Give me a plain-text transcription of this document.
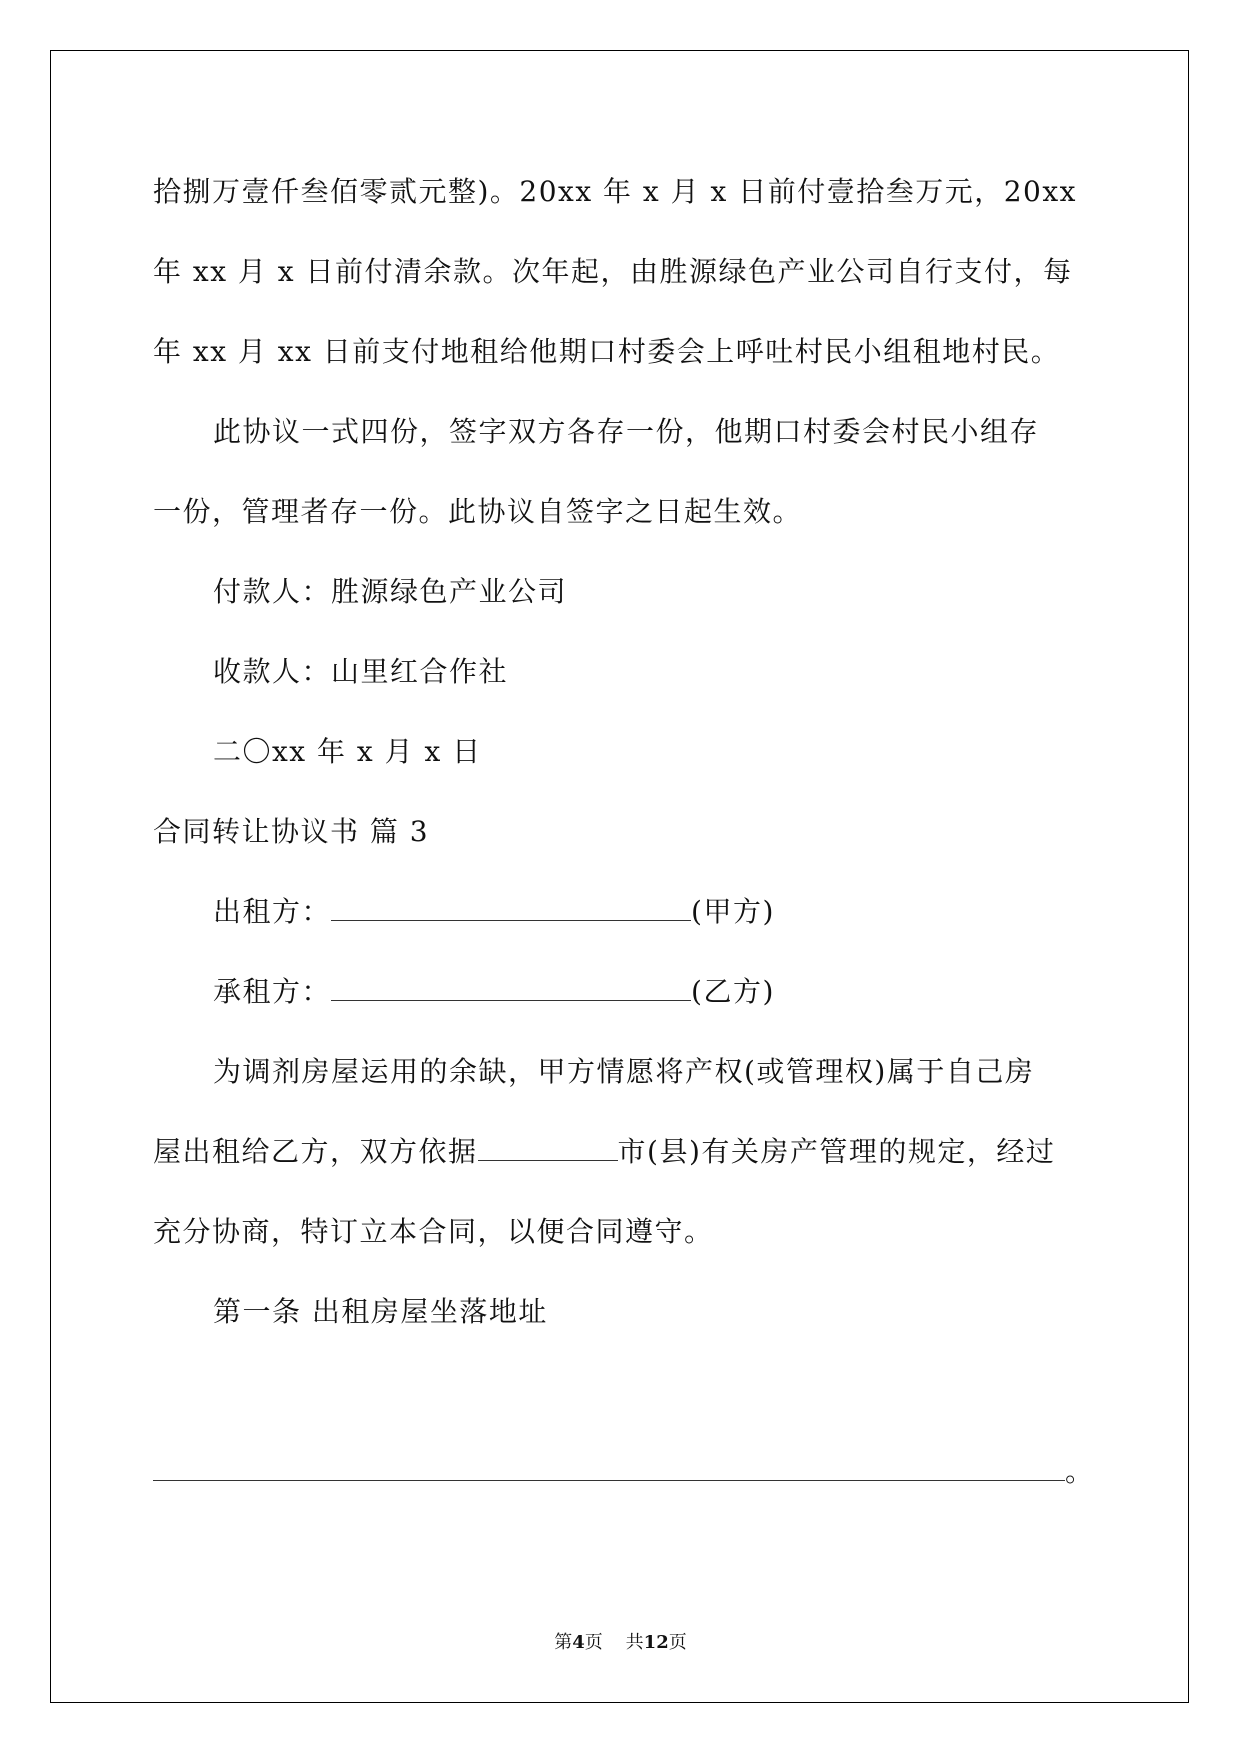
拾捌万壹仟叁佰零贰元整)。20xx 年 x 月 x 日前付壹拾叁万元，20xx

年 xx 月 x 日前付清余款。次年起，由胜源绿色产业公司自行支付，每

年 xx 月 xx 日前支付地租给他期口村委会上呼吐村民小组租地村民。

此协议一式四份，签字双方各存一份，他期口村委会村民小组存

一份，管理者存一份。此协议自签字之日起生效。

付款人：胜源绿色产业公司

收款人：山里红合作社

二〇xx 年 x 月 x 日

合同转让协议书 篇 3

出租方：	(甲方)

承租方：	(乙方)

为调剂房屋运用的余缺，甲方情愿将产权(或管理权)属于自己房

屋出租给乙方，双方依据	市(县)有关房产管理的规定，经过

充分协商，特订立本合同，以便合同遵守。

第一条 出租房屋坐落地址

。

第4页    共12页
